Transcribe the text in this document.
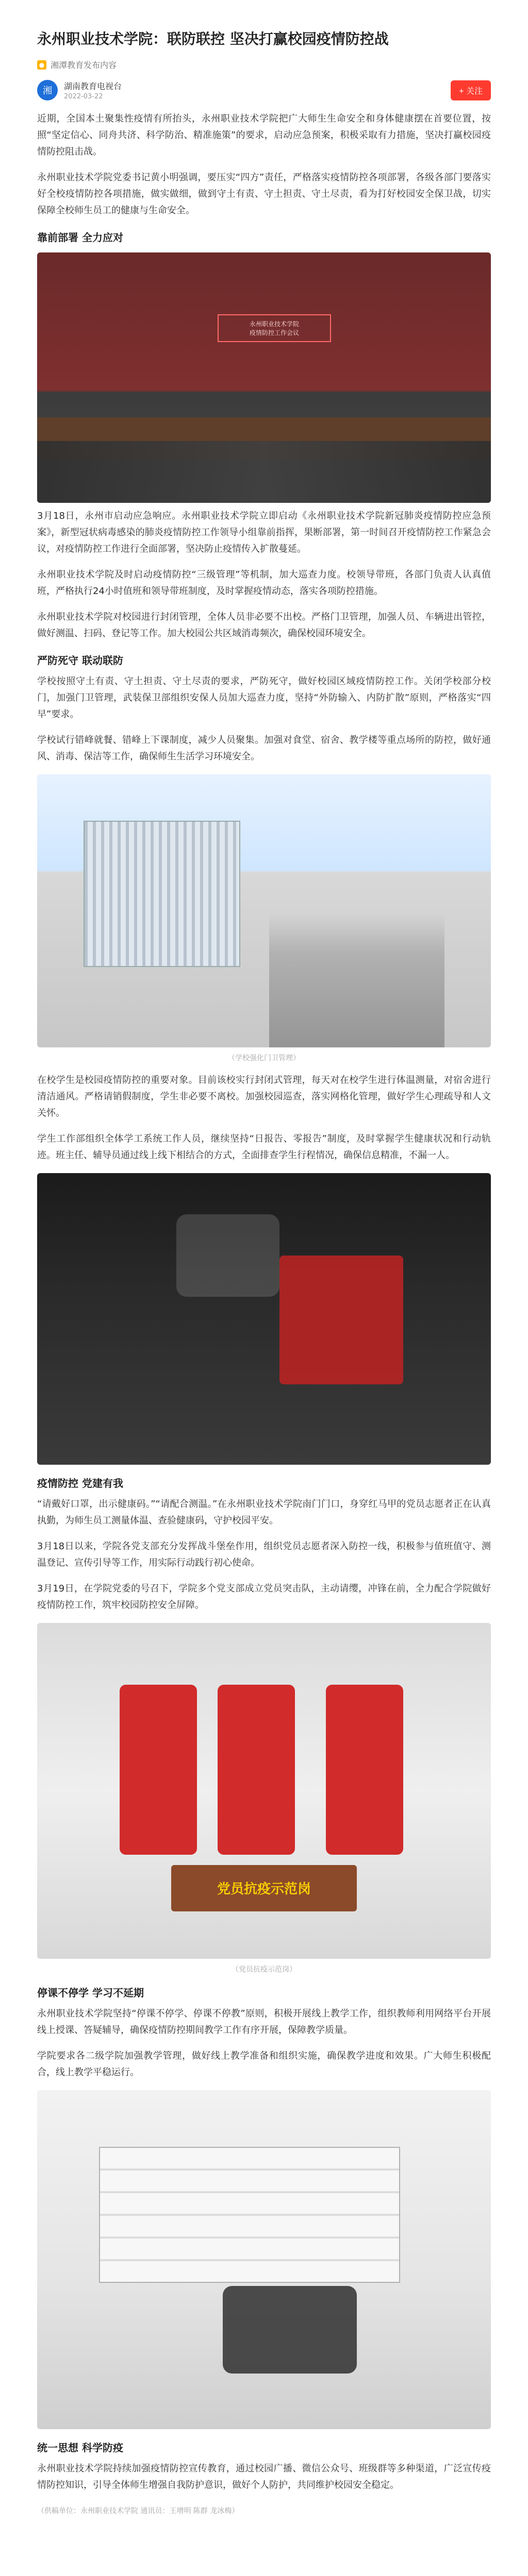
永州职业技术学院：联防联控 坚决打赢校园疫情防控战
● 湘潭教育发布内容
湘	湖南教育电视台
2022-03-22
+ 关注

近期，全国本土聚集性疫情有所抬头，永州职业技术学院把广大师生生命安全和身体健康摆在首要位置，按照“坚定信心、同舟共济、科学防治、精准施策”的要求，启动应急预案，积极采取有力措施，坚决打赢校园疫情防控阻击战。

永州职业技术学院党委书记黄小明强调，要压实“四方”责任，严格落实疫情防控各项部署，各级各部门要落实好全校疫情防控各项措施，做实做细，做到守土有责、守土担责、守土尽责，看为打好校园安全保卫战，切实保障全校师生员工的健康与生命安全。

靠前部署 全力应对
永州职业技术学院
疫情防控工作会议

3月18日，永州市启动应急响应。永州职业技术学院立即启动《永州职业技术学院新冠肺炎疫情防控应急预案》，新型冠状病毒感染的肺炎疫情防控工作领导小组靠前指挥，果断部署，第一时间召开疫情防控工作紧急会议，对疫情防控工作进行全面部署，坚决防止疫情传入扩散蔓延。

永州职业技术学院及时启动疫情防控“三级管理”等机制，加大巡查力度。校领导带班，各部门负责人认真值班，严格执行24小时值班和领导带班制度，及时掌握疫情动态，落实各项防控措施。

永州职业技术学院对校园进行封闭管理，全体人员非必要不出校。严格门卫管理，加强人员、车辆进出管控，做好测温、扫码、登记等工作。加大校园公共区域消毒频次，确保校园环境安全。

严防死守 联动联防

学校按照守土有责、守土担责、守土尽责的要求，严防死守，做好校园区域疫情防控工作。关闭学校部分校门，加强门卫管理，武装保卫部组织安保人员加大巡查力度，坚持“外防输入、内防扩散”原则，严格落实“四早”要求。

学校试行错峰就餐、错峰上下课制度，减少人员聚集。加强对食堂、宿舍、教学楼等重点场所的防控，做好通风、消毒、保洁等工作，确保师生生活学习环境安全。

（学校强化门卫管理）

在校学生是校园疫情防控的重要对象。目前该校实行封闭式管理，每天对在校学生进行体温测量，对宿舍进行清洁通风。严格请销假制度，学生非必要不离校。加强校园巡查，落实网格化管理，做好学生心理疏导和人文关怀。

学生工作部组织全体学工系统工作人员，继续坚持“日报告、零报告”制度，及时掌握学生健康状况和行动轨迹。班主任、辅导员通过线上线下相结合的方式，全面排查学生行程情况，确保信息精准，不漏一人。

疫情防控 党建有我

“请戴好口罩，出示健康码。”“请配合测温。”在永州职业技术学院南门门口，身穿红马甲的党员志愿者正在认真执勤，为师生员工测量体温、查验健康码，守护校园平安。

3月18日以来，学院各党支部充分发挥战斗堡垒作用，组织党员志愿者深入防控一线，积极参与值班值守、测温登记、宣传引导等工作，用实际行动践行初心使命。

3月19日，在学院党委的号召下，学院多个党支部成立党员突击队，主动请缨，冲锋在前，全力配合学院做好疫情防控工作，筑牢校园防控安全屏障。

党员抗疫示范岗
（党员抗疫示范岗）
停课不停学 学习不延期

永州职业技术学院坚持“停课不停学、停课不停教”原则，积极开展线上教学工作，组织教师利用网络平台开展线上授课、答疑辅导，确保疫情防控期间教学工作有序开展，保障教学质量。

学院要求各二级学院加强教学管理，做好线上教学准备和组织实施，确保教学进度和效果。广大师生积极配合，线上教学平稳运行。

统一思想 科学防疫

永州职业技术学院持续加强疫情防控宣传教育，通过校园广播、微信公众号、班级群等多种渠道，广泛宣传疫情防控知识，引导全体师生增强自我防护意识，做好个人防护，共同维护校园安全稳定。

（供稿单位：永州职业技术学院 通讯员：王增明 陈群 龙冰梅）
